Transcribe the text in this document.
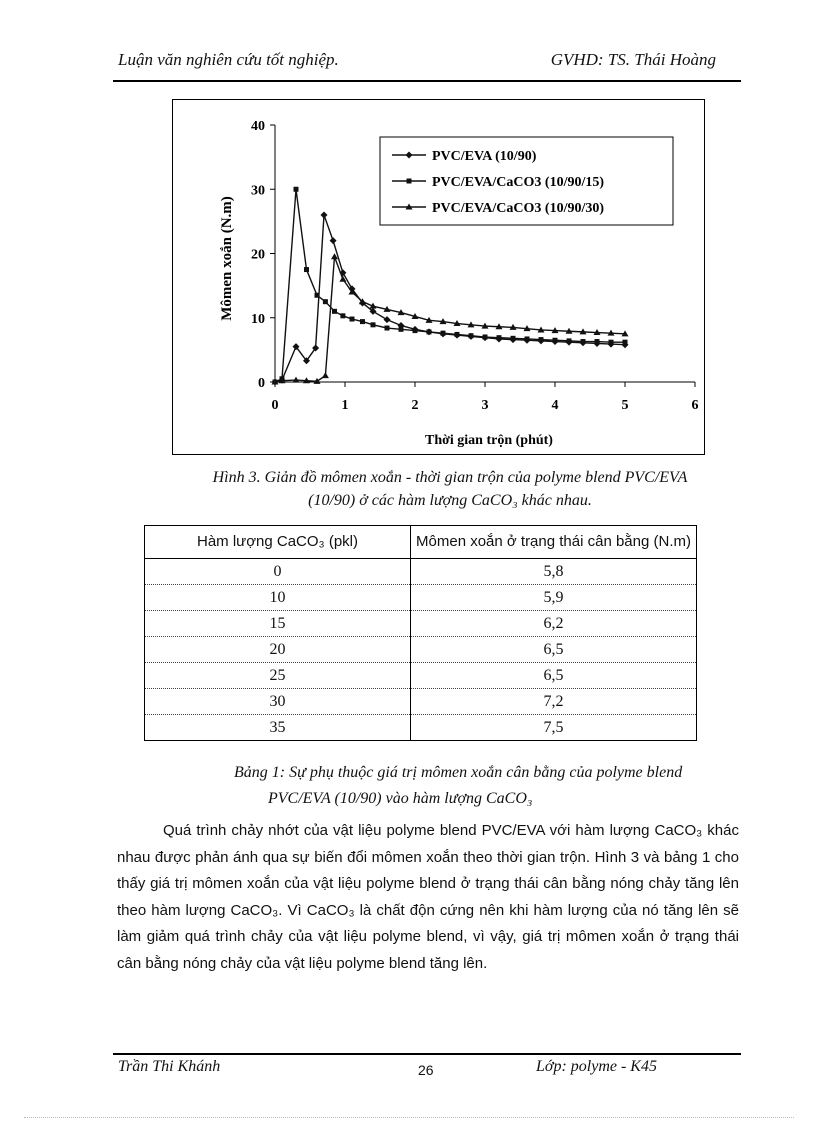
Luận văn nghiên cứu tốt nghiệp.	GVHD: TS. Thái Hoàng
0
10
20
30
40
0	1	2	3	4	5	6
Thời gian trộn (phút)
Mômen xoắn (N.m)
PVC/EVA (10/90)
PVC/EVA/CaCO3 (10/90/15)
PVC/EVA/CaCO3 (10/90/30)
Hình 3. Giản đồ mômen xoắn - thời gian trộn của polyme blend PVC/EVA
(10/90) ở các hàm lượng CaCO₃ khác nhau.
Hàm lượng CaCO₃ (pkl)	Mômen xoắn ở trạng thái cân bằng (N.m)
0	5,8
10	5,9
15	6,2
20	6,5
25	6,5
30	7,2
35	7,5
Bảng 1: Sự phụ thuộc giá trị mômen xoắn cân bằng của polyme blend
PVC/EVA (10/90) vào hàm lượng CaCO₃
Quá trình chảy nhớt của vật liệu polyme blend PVC/EVA với hàm lượng CaCO₃ khác nhau được phản ánh qua sự biến đổi mômen xoắn theo thời gian trộn. Hình 3 và bảng 1 cho thấy giá trị mômen xoắn của vật liệu polyme blend ở trạng thái cân bằng nóng chảy tăng lên theo hàm lượng CaCO₃. Vì CaCO₃ là chất độn cứng nên khi hàm lượng của nó tăng lên sẽ làm giảm quá trình chảy của vật liệu polyme blend, vì vậy, giá trị mômen xoắn ở trạng thái cân bằng nóng chảy của vật liệu polyme blend tăng lên.
Trần Thi Khánh	26	Lớp: polyme - K45
